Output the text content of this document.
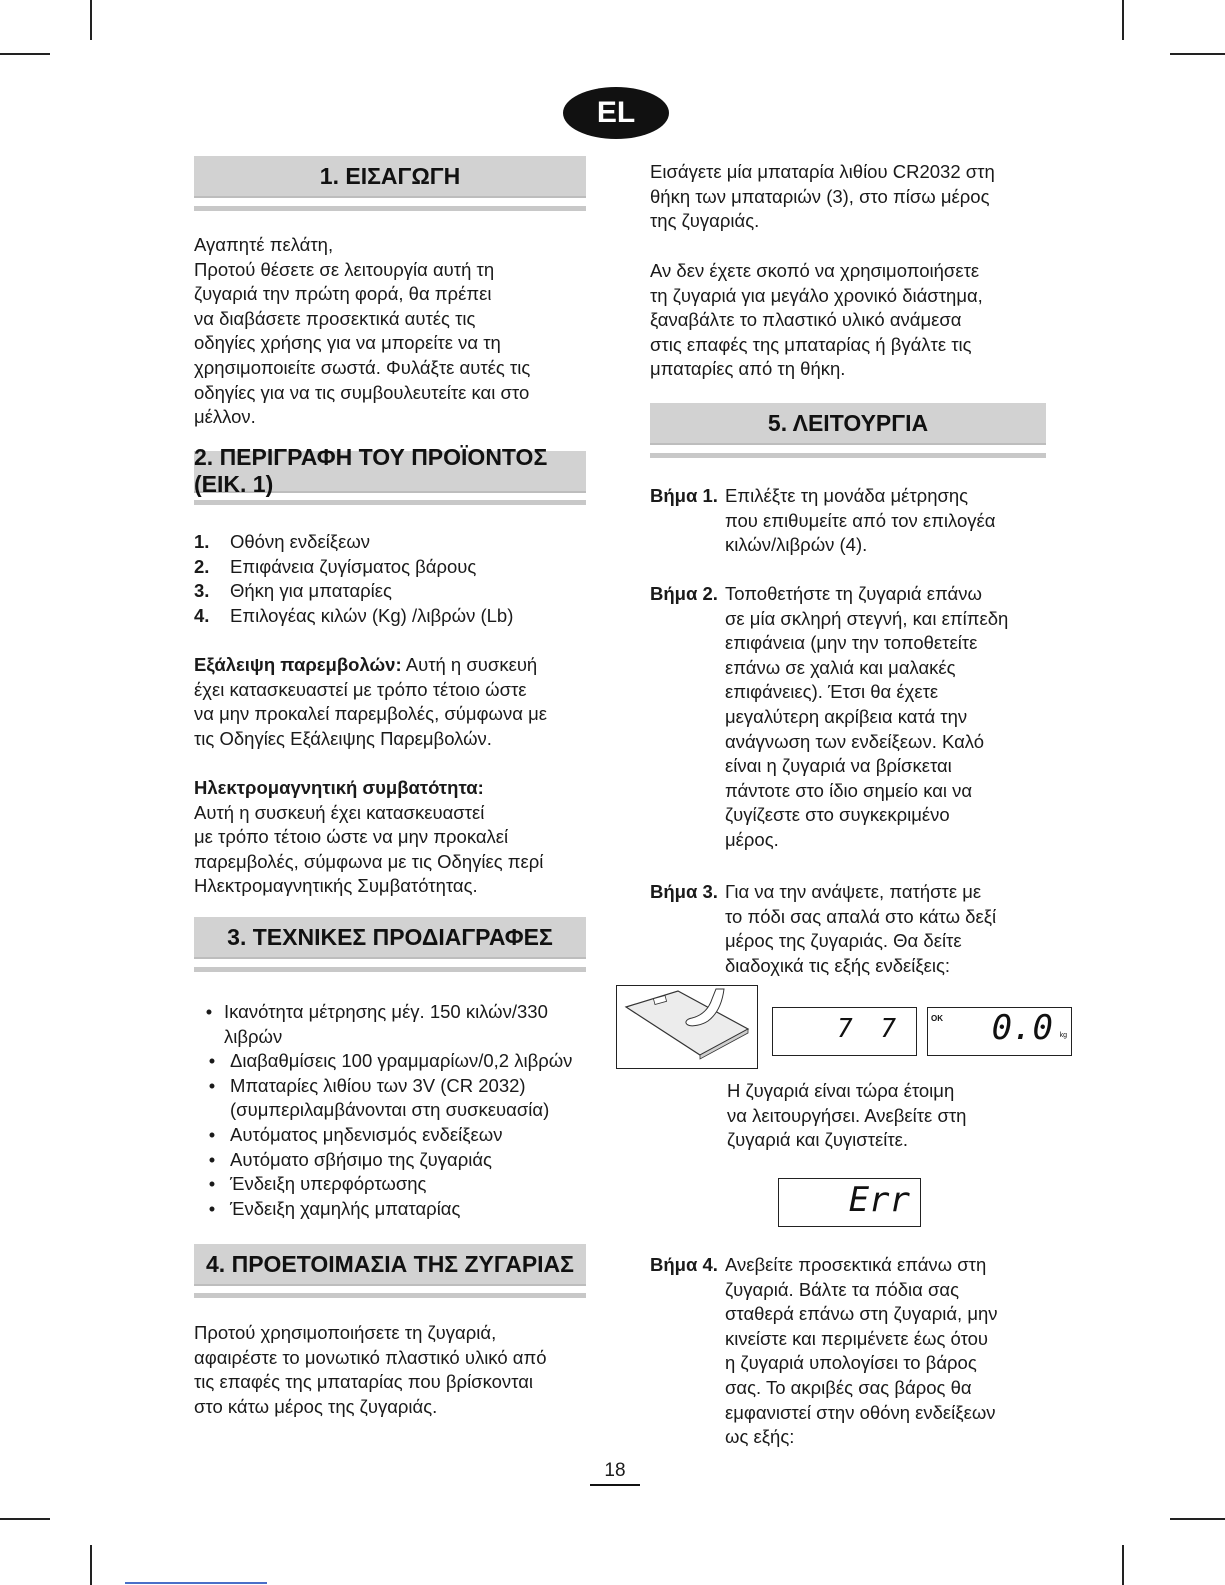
EL
1. ΕΙΣΑΓΩΓΗ

Αγαπητέ πελάτη,

Προτού θέσετε σε λειτουργία αυτή τη

ζυγαριά την πρώτη φορά, θα πρέπει

να διαβάσετε προσεκτικά αυτές τις

οδηγίες χρήσης για να μπορείτε να τη

χρησιμοποιείτε σωστά. Φυλάξτε αυτές τις

οδηγίες για να τις συμβουλευτείτε και στο

μέλλον.

2. ΠΕΡΙΓΡΑΦΗ ΤΟΥ ΠΡΟΪΟΝΤΟΣ (ΕΙΚ. 1)
1.	Οθόνη ενδείξεων
2.	Επιφάνεια ζυγίσματος βάρους
3.	Θήκη για μπαταρίες
4.	Επιλογέας κιλών (Kg) /λιβρών (Lb)

Εξάλειψη παρεμβολών: Αυτή η συσκευή

έχει κατασκευαστεί με τρόπο τέτοιο ώστε

να μην προκαλεί παρεμβολές, σύμφωνα με

τις Οδηγίες Εξάλειψης Παρεμβολών.

Ηλεκτρομαγνητική συμβατότητα:

Αυτή η συσκευή έχει κατασκευαστεί

με τρόπο τέτοιο ώστε να μην προκαλεί

παρεμβολές, σύμφωνα με τις Οδηγίες περί

Ηλεκτρομαγνητικής Συμβατότητας.

3. ΤΕΧΝΙΚΕΣ ΠΡΟΔΙΑΓΡΑΦΕΣ
• Ικανότητα μέτρησης μέγ. 150 κιλών/330
λιβρών
• Διαβαθμίσεις 100 γραμμαρίων/0,2 λιβρών
• Μπαταρίες λιθίου των 3V (CR 2032)
(συμπεριλαμβάνονται στη συσκευασία)
• Αυτόματος μηδενισμός ενδείξεων
• Αυτόματο σβήσιμο της ζυγαριάς
• Ένδειξη υπερφόρτωσης
• Ένδειξη χαμηλής μπαταρίας
4. ΠΡΟΕΤΟΙΜΑΣΙΑ ΤΗΣ ΖΥΓΑΡΙΑΣ

Προτού χρησιμοποιήσετε τη ζυγαριά,

αφαιρέστε το μονωτικό πλαστικό υλικό από

τις επαφές της μπαταρίας που βρίσκονται

στο κάτω μέρος της ζυγαριάς.

Εισάγετε μία μπαταρία λιθίου CR2032 στη

θήκη των μπαταριών (3), στο πίσω μέρος

της ζυγαριάς.

Αν δεν έχετε σκοπό να χρησιμοποιήσετε

τη ζυγαριά για μεγάλο χρονικό διάστημα,

ξαναβάλτε το πλαστικό υλικό ανάμεσα

στις επαφές της μπαταρίας ή βγάλτε τις

μπαταρίες από τη θήκη.

5. ΛΕΙΤΟΥΡΓΙΑ
Βήμα 1. Επιλέξτε τη μονάδα μέτρησης
που επιθυμείτε από τον επιλογέα
κιλών/λιβρών (4).
Βήμα 2. Τοποθετήστε τη ζυγαριά επάνω
σε μία σκληρή στεγνή, και επίπεδη
επιφάνεια (μην την τοποθετείτε
επάνω σε χαλιά και μαλακές
επιφάνειες). Έτσι θα έχετε
μεγαλύτερη ακρίβεια κατά την
ανάγνωση των ενδείξεων. Καλό
είναι η ζυγαριά να βρίσκεται
πάντοτε στο ίδιο σημείο και να
ζυγίζεστε στο συγκεκριμένο
μέρος.
Βήμα 3. Για να την ανάψετε, πατήστε με
το πόδι σας απαλά στο κάτω δεξί
μέρος της ζυγαριάς. Θα δείτε
διαδοχικά τις εξής ενδείξεις:
7 7	OK 0.0 kg

Η ζυγαριά είναι τώρα έτοιμη

να λειτουργήσει. Ανεβείτε στη

ζυγαριά και ζυγιστείτε.

Err
Βήμα 4. Ανεβείτε προσεκτικά επάνω στη
ζυγαριά. Βάλτε τα πόδια σας
σταθερά επάνω στη ζυγαριά, μην
κινείστε και περιμένετε έως ότου
η ζυγαριά υπολογίσει το βάρος
σας. Το ακριβές σας βάρος θα
εμφανιστεί στην οθόνη ενδείξεων
ως εξής:
18
